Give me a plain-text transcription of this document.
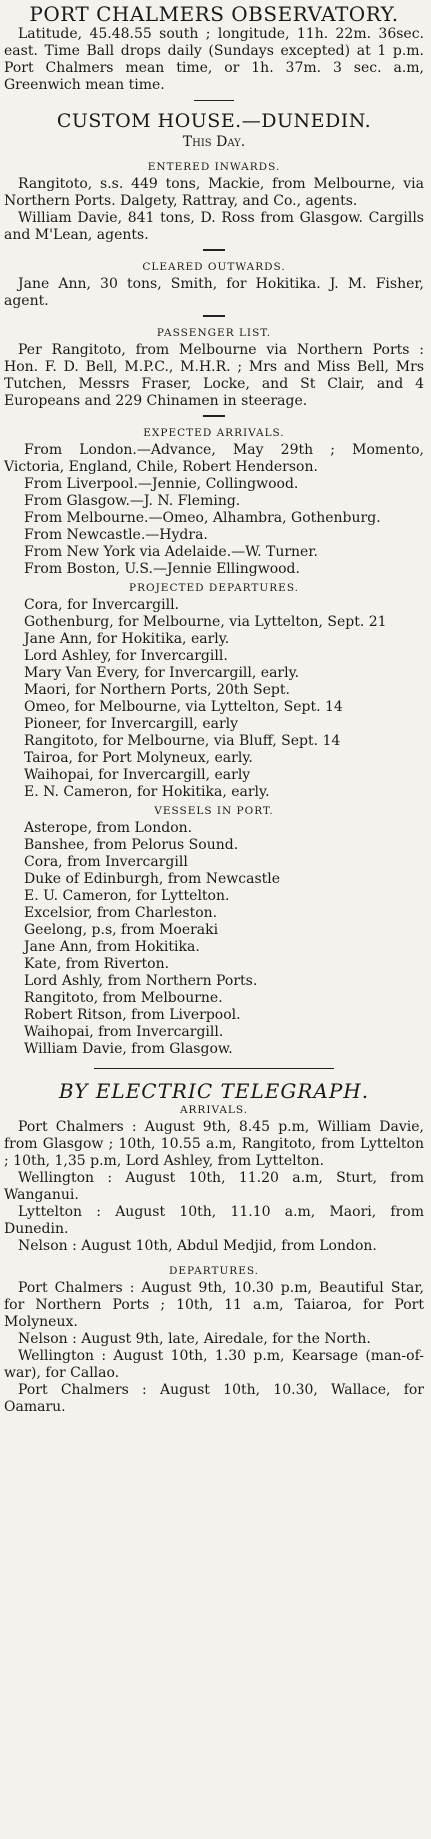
PORT CHALMERS OBSERVATORY.

Latitude, 45.48.55 south ; longitude, 11h. 22m. 36sec. east. Time Ball drops daily (Sundays excepted) at 1 p.m. Port Chalmers mean time, or 1h. 37m. 3 sec. a.m, Greenwich mean time.

CUSTOM HOUSE.—DUNEDIN.

This Day.

ENTERED INWARDS.

Rangitoto, s.s. 449 tons, Mackie, from Melbourne, via Northern Ports. Dalgety, Rattray, and Co., agents.

William Davie, 841 tons, D. Ross from Glasgow. Cargills and M'Lean, agents.

CLEARED OUTWARDS.

Jane Ann, 30 tons, Smith, for Hokitika. J. M. Fisher, agent.

PASSENGER LIST.

Per Rangitoto, from Melbourne via Northern Ports : Hon. F. D. Bell, M.P.C., M.H.R. ; Mrs and Miss Bell, Mrs Tutchen, Messrs Fraser, Locke, and St Clair, and 4 Europeans and 229 Chinamen in steerage.

EXPECTED ARRIVALS.

From London.—Advance, May 29th ; Momento, Victoria, England, Chile, Robert Henderson.

From Liverpool.—Jennie, Collingwood.

From Glasgow.—J. N. Fleming.

From Melbourne.—Omeo, Alhambra, Gothenburg.

From Newcastle.—Hydra.

From New York via Adelaide.—W. Turner.

From Boston, U.S.—Jennie Ellingwood.

PROJECTED DEPARTURES.

Cora, for Invercargill.

Gothenburg, for Melbourne, via Lyttelton, Sept. 21

Jane Ann, for Hokitika, early.

Lord Ashley, for Invercargill.

Mary Van Every, for Invercargill, early.

Maori, for Northern Ports, 20th Sept.

Omeo, for Melbourne, via Lyttelton, Sept. 14

Pioneer, for Invercargill, early

Rangitoto, for Melbourne, via Bluff, Sept. 14

Tairoa, for Port Molyneux, early.

Waihopai, for Invercargill, early

E. N. Cameron, for Hokitika, early.

VESSELS IN PORT.

Asterope, from London.

Banshee, from Pelorus Sound.

Cora, from Invercargill

Duke of Edinburgh, from Newcastle

E. U. Cameron, for Lyttelton.

Excelsior, from Charleston.

Geelong, p.s, from Moeraki

Jane Ann, from Hokitika.

Kate, from Riverton.

Lord Ashly, from Northern Ports.

Rangitoto, from Melbourne.

Robert Ritson, from Liverpool.

Waihopai, from Invercargill.

William Davie, from Glasgow.

BY ELECTRIC TELEGRAPH.

ARRIVALS.

Port Chalmers : August 9th, 8.45 p.m, William Davie, from Glasgow ; 10th, 10.55 a.m, Rangitoto, from Lyttelton ; 10th, 1,35 p.m, Lord Ashley, from Lyttelton.

Wellington : August 10th, 11.20 a.m, Sturt, from Wanganui.

Lyttelton : August 10th, 11.10 a.m, Maori, from Dunedin.

Nelson : August 10th, Abdul Medjid, from London.

DEPARTURES.

Port Chalmers : August 9th, 10.30 p.m, Beautiful Star, for Northern Ports ; 10th, 11 a.m, Taiaroa, for Port Molyneux.

Nelson : August 9th, late, Airedale, for the North.

Wellington : August 10th, 1.30 p.m, Kearsage (man-of-war), for Callao.

Port Chalmers : August 10th, 10.30, Wallace, for Oamaru.
